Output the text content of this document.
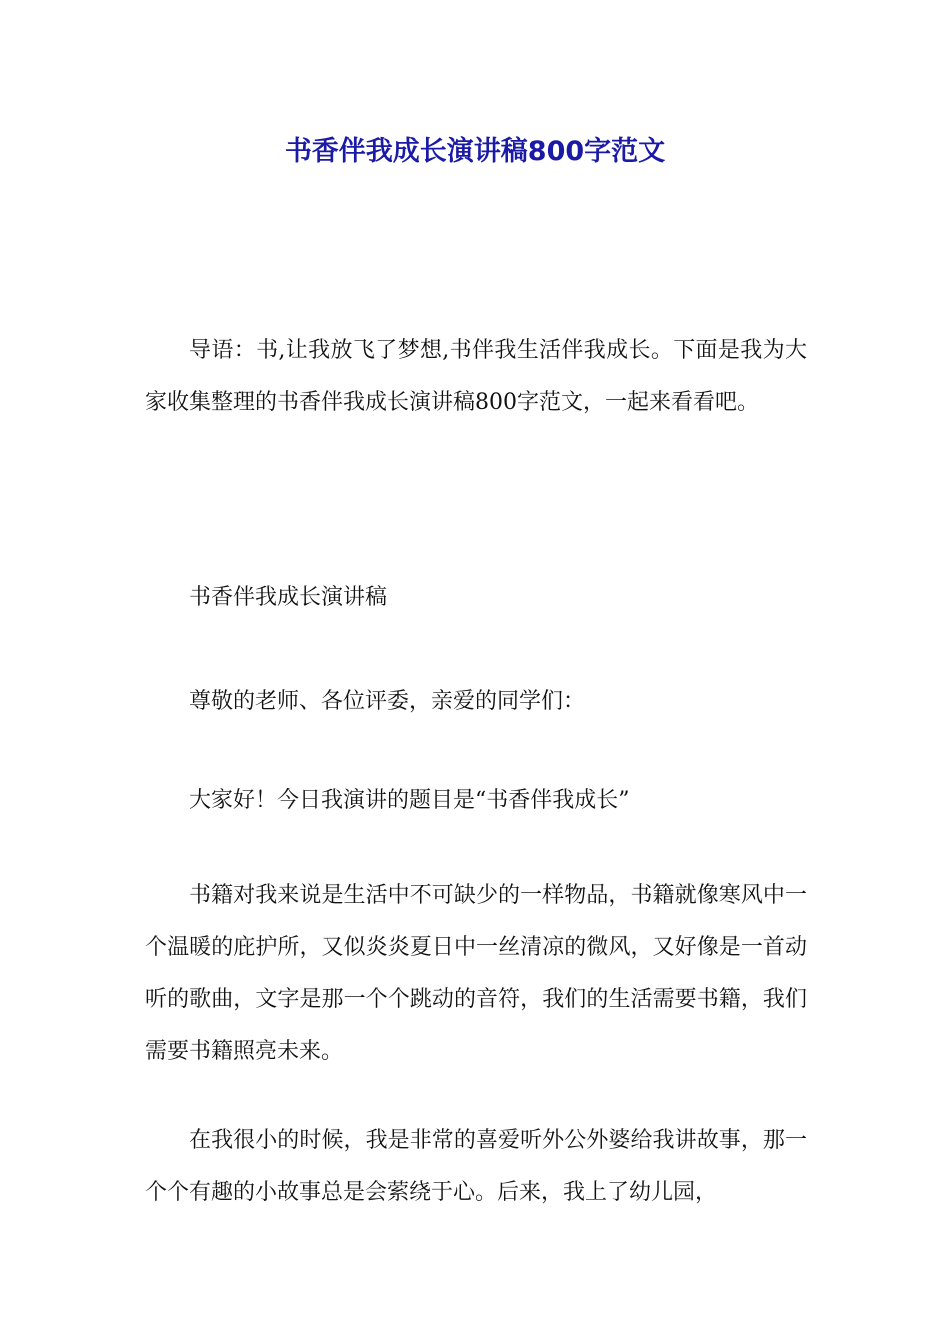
书香伴我成长演讲稿800字范文

导语：书,让我放飞了梦想,书伴我生活伴我成长。下面是我为大家收集整理的书香伴我成长演讲稿800字范文，一起来看看吧。

书香伴我成长演讲稿

尊敬的老师、各位评委，亲爱的同学们：

大家好！今日我演讲的题目是“书香伴我成长”

书籍对我来说是生活中不可缺少的一样物品，书籍就像寒风中一个温暖的庇护所，又似炎炎夏日中一丝清凉的微风，又好像是一首动听的歌曲，文字是那一个个跳动的音符，我们的生活需要书籍，我们需要书籍照亮未来。

在我很小的时候，我是非常的喜爱听外公外婆给我讲故事，那一个个有趣的小故事总是会萦绕于心。后来，我上了幼儿园，
